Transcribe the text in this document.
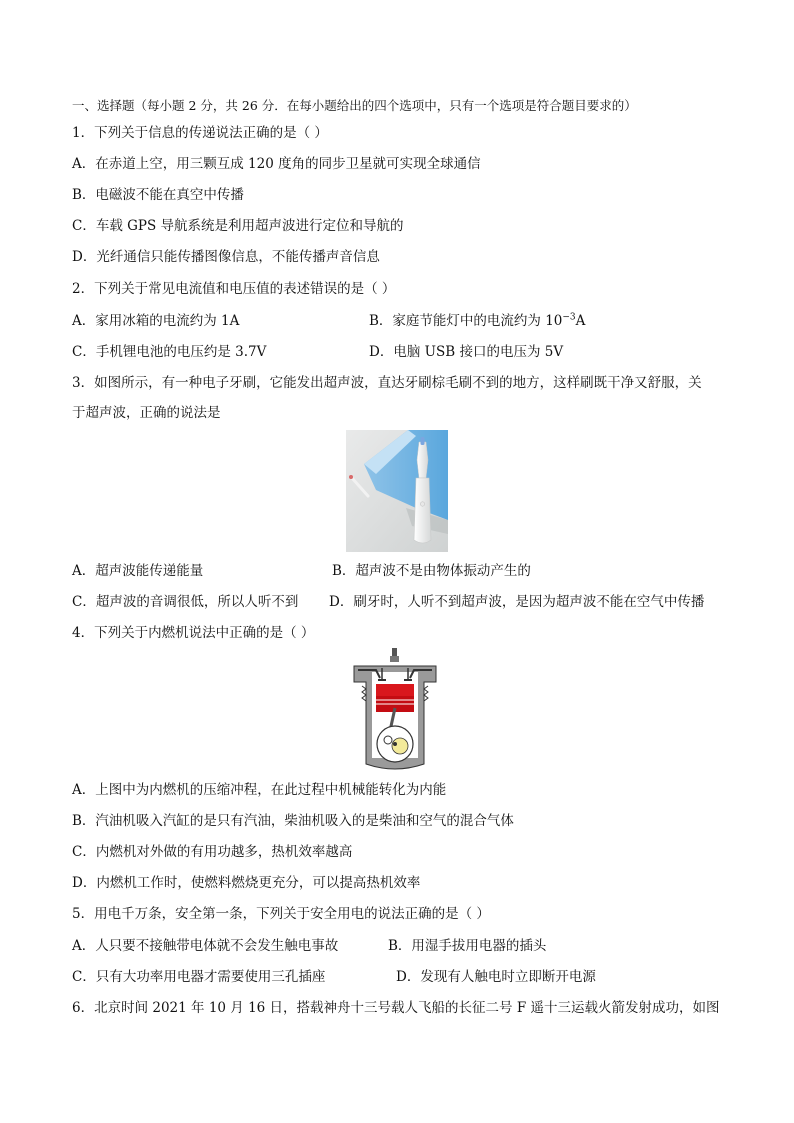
一、选择题（每小题 2 分，共 26 分．在每小题给出的四个选项中，只有一个选项是符合题目要求的）
1．下列关于信息的传递说法正确的是（ ）
A．在赤道上空，用三颗互成 120 度角的同步卫星就可实现全球通信
B．电磁波不能在真空中传播
C．车载 GPS 导航系统是利用超声波进行定位和导航的
D．光纤通信只能传播图像信息，不能传播声音信息
2．下列关于常见电流值和电压值的表述错误的是（ ）
A．家用冰箱的电流约为 1A	B．家庭节能灯中的电流约为 $10^{-3}A$
C．手机锂电池的电压约是 3.7V	D．电脑 USB 接口的电压为 5V
3．如图所示，有一种电子牙刷，它能发出超声波，直达牙刷棕毛刷不到的地方，这样刷既干净又舒服，关
于超声波，正确的说法是
A．超声波能传递能量	B．超声波不是由物体振动产生的
C．超声波的音调很低，所以人听不到 D．刷牙时，人听不到超声波，是因为超声波不能在空气中传播
4．下列关于内燃机说法中正确的是（ ）
A．上图中为内燃机的压缩冲程，在此过程中机械能转化为内能
B．汽油机吸入汽缸的是只有汽油，柴油机吸入的是柴油和空气的混合气体
C．内燃机对外做的有用功越多，热机效率越高
D．内燃机工作时，使燃料燃烧更充分，可以提高热机效率
5．用电千万条，安全第一条，下列关于安全用电的说法正确的是（ ）
A．人只要不接触带电体就不会发生触电事故	B．用湿手拔用电器的插头
C．只有大功率用电器才需要使用三孔插座	D．发现有人触电时立即断开电源
6．北京时间 2021 年 10 月 16 日，搭载神舟十三号载人飞船的长征二号 F 遥十三运载火箭发射成功，如图
